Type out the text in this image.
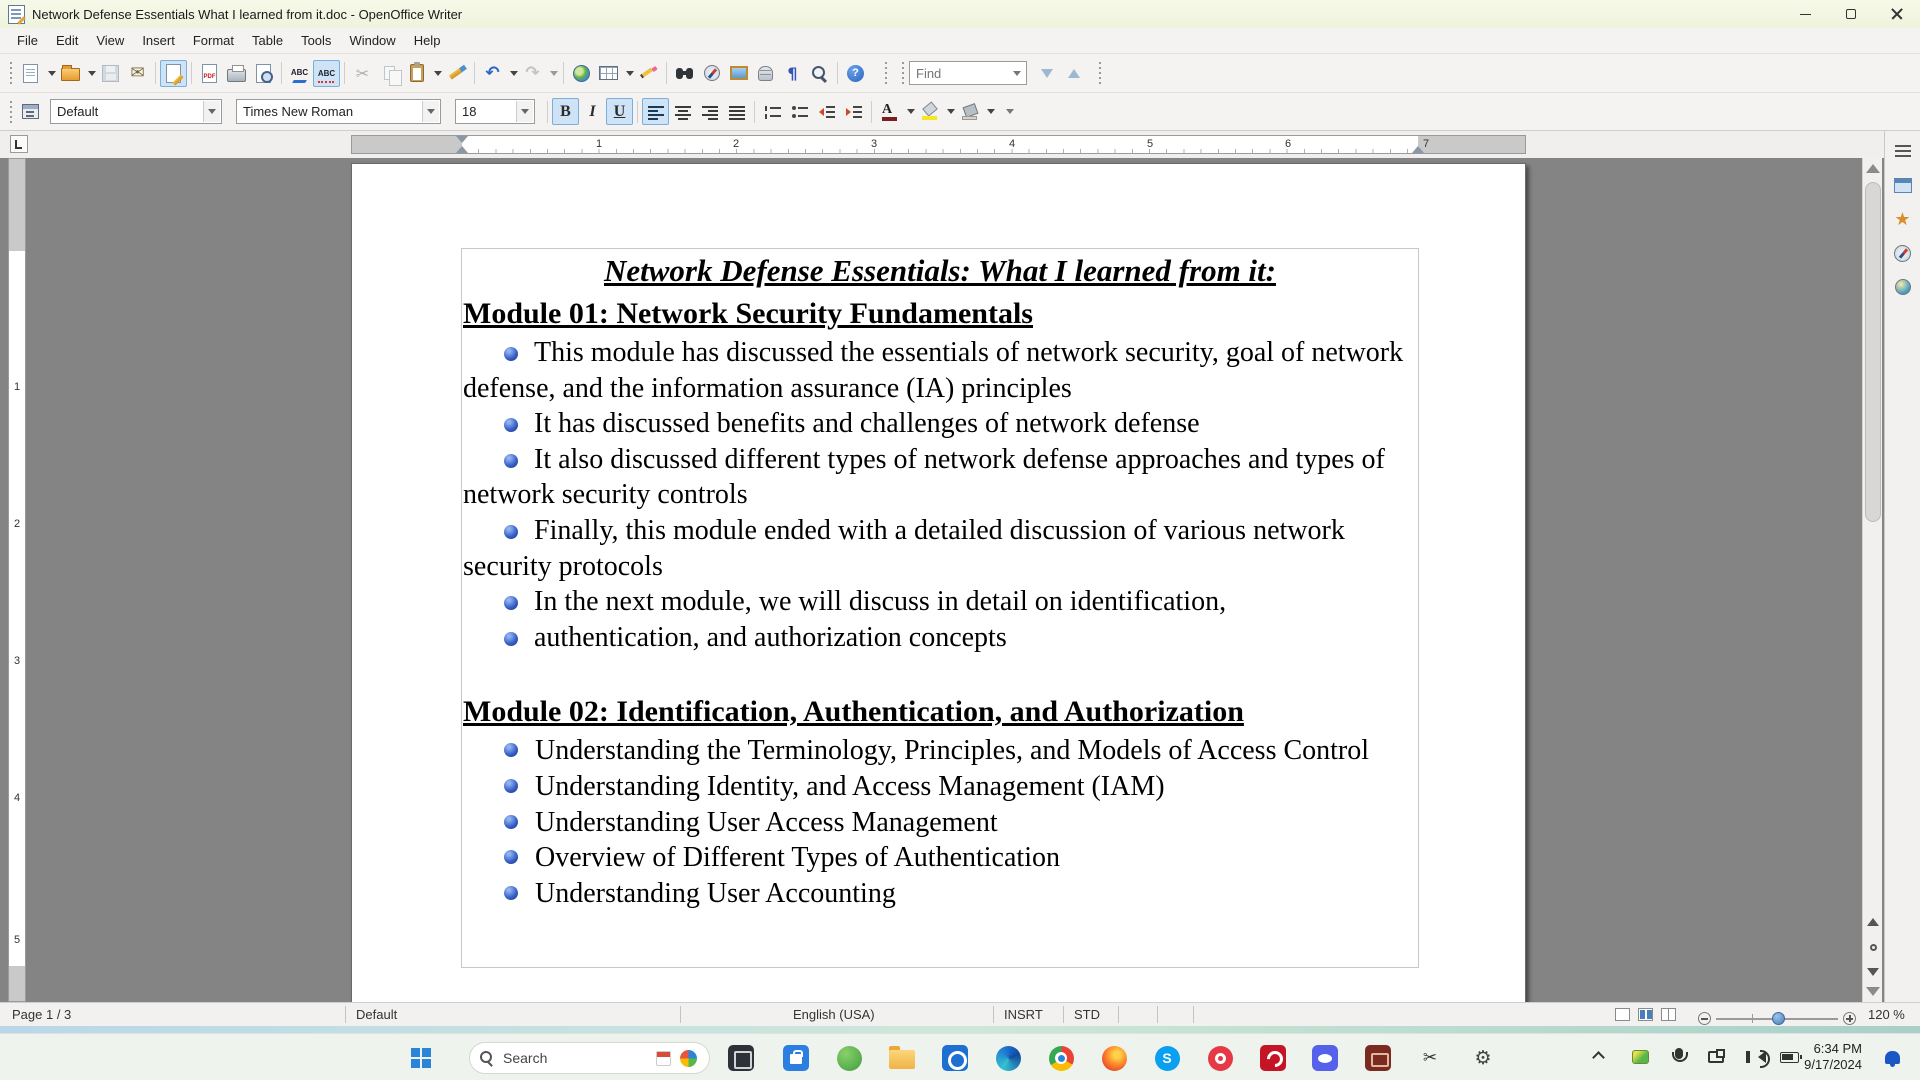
Network Defense Essentials What I learned from it.doc - OpenOffice Writer
File	Edit	View	Insert	Format	Table	Tools	Window	Help
✉	PDF	ABC ABC ✂	↶ ↷	¶	?
Find
Default	Times New Roman	18	B I U	A
1	2	3	4	5	6	7
1
2
3
4
5
Network Defense Essentials: What I learned from it:
Module 01: Network Security Fundamentals
This module has discussed the essentials of network security, goal of network defense, and the information assurance (IA) principles
It has discussed benefits and challenges of network defense
It also discussed different types of network defense approaches and types of network security controls
Finally, this module ended with a detailed discussion of various network security protocols
In the next module, we will discuss in detail on identification,
authentication, and authorization concepts
Module 02: Identification, Authentication, and Authorization
Understanding the Terminology, Principles, and Models of Access Control
Understanding Identity, and Access Management (IAM)
Understanding User Access Management
Overview of Different Types of Authentication
Understanding User Accounting
★
Page 1 / 3	Default	English (USA)	INSRT STD	120 %
Search	S	✂ ⚙	6:34 PM
9/17/2024
